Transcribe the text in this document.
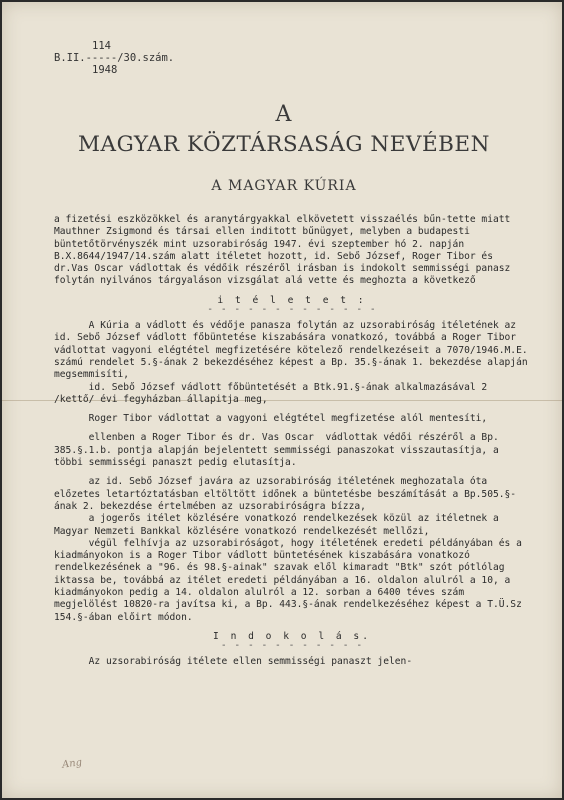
114

B.II.-----/30.szám.

1948

A
MAGYAR KÖZTÁRSASÁG NEVÉBEN
A MAGYAR KÚRIA

a fizetési eszközökkel és aranytárgyakkal elkövetett visszaélés bűn-tette miatt Mauthner Zsigmond és társai ellen inditott bűnügyet, melyben a budapesti büntetőtörvényszék mint uzsorabiróság 1947. évi szeptember hó 2. napján B.X.8644/1947/14.szám alatt itéletet hozott, id. Sebő József, Roger Tibor és dr.Vas Oscar vádlottak és védőik részéről irásban is indokolt semmisségi panasz folytán nyilvános tárgyaláson vizsgálat alá vette és meghozta a következő

i t é l e t e t :

- - - - - - - - - - - - -

A Kúria a vádlott és védője panasza folytán az uzsorabiróság itéletének az id. Sebő József vádlott főbüntetése kiszabására vonatkozó, továbbá a Roger Tibor vádlottat vagyoni elégtétel megfizetésére kötelező rendelkezéseit a 7070/1946.M.E. számú rendelet 5.§-ának 2 bekezdéséhez képest a Bp. 35.§-ának 1. bekezdése alapján megsemmisíti,

id. Sebő József vádlott főbüntetését a Btk.91.§-ának alkalmazásával 2 /kettő/ évi fegyházban állapitja meg,

Roger Tibor vádlottat a vagyoni elégtétel megfizetése alól mentesíti,

ellenben a Roger Tibor és dr. Vas Oscar  vádlottak védői részéről a Bp. 385.§.1.b. pontja alapján bejelentett semmisségi panaszokat visszautasítja, a többi semmisségi panaszt pedig elutasítja.

az id. Sebő József javára az uzsorabiróság itéletének meghozatala óta előzetes letartóztatásban eltöltött időnek a büntetésbe beszámítását a Bp.505.§-ának 2. bekezdése értelmében az uzsorabiróságra bízza,

a jogerős itélet közlésére vonatkozó rendelkezések közül az itéletnek a Magyar Nemzeti Bankkal közlésére vonatkozó rendelkezését mellőzi,

végül felhívja az uzsorabiróságot, hogy itéletének eredeti példányában és a kiadmányokon is a Roger Tibor vádlott büntetésének kiszabására vonatkozó rendelkezésének a "96. és 98.§-ainak" szavak elől kimaradt "Btk" szót pótlólag iktassa be, továbbá az itélet eredeti példányában a 16. oldalon alulról a 10, a kiadmányokon pedig a 14. oldalon alulról a 12. sorban a 6400 téves szám megjelölést 10820-ra javítsa ki, a Bp. 443.§-ának rendelkezéséhez képest a T.Ü.Sz 154.§-ában előirt módon.

I n d o k o l á s.

- - - - - - - - - - -

Az uzsorabiróság itélete ellen semmisségi panaszt jelen-

Ang
